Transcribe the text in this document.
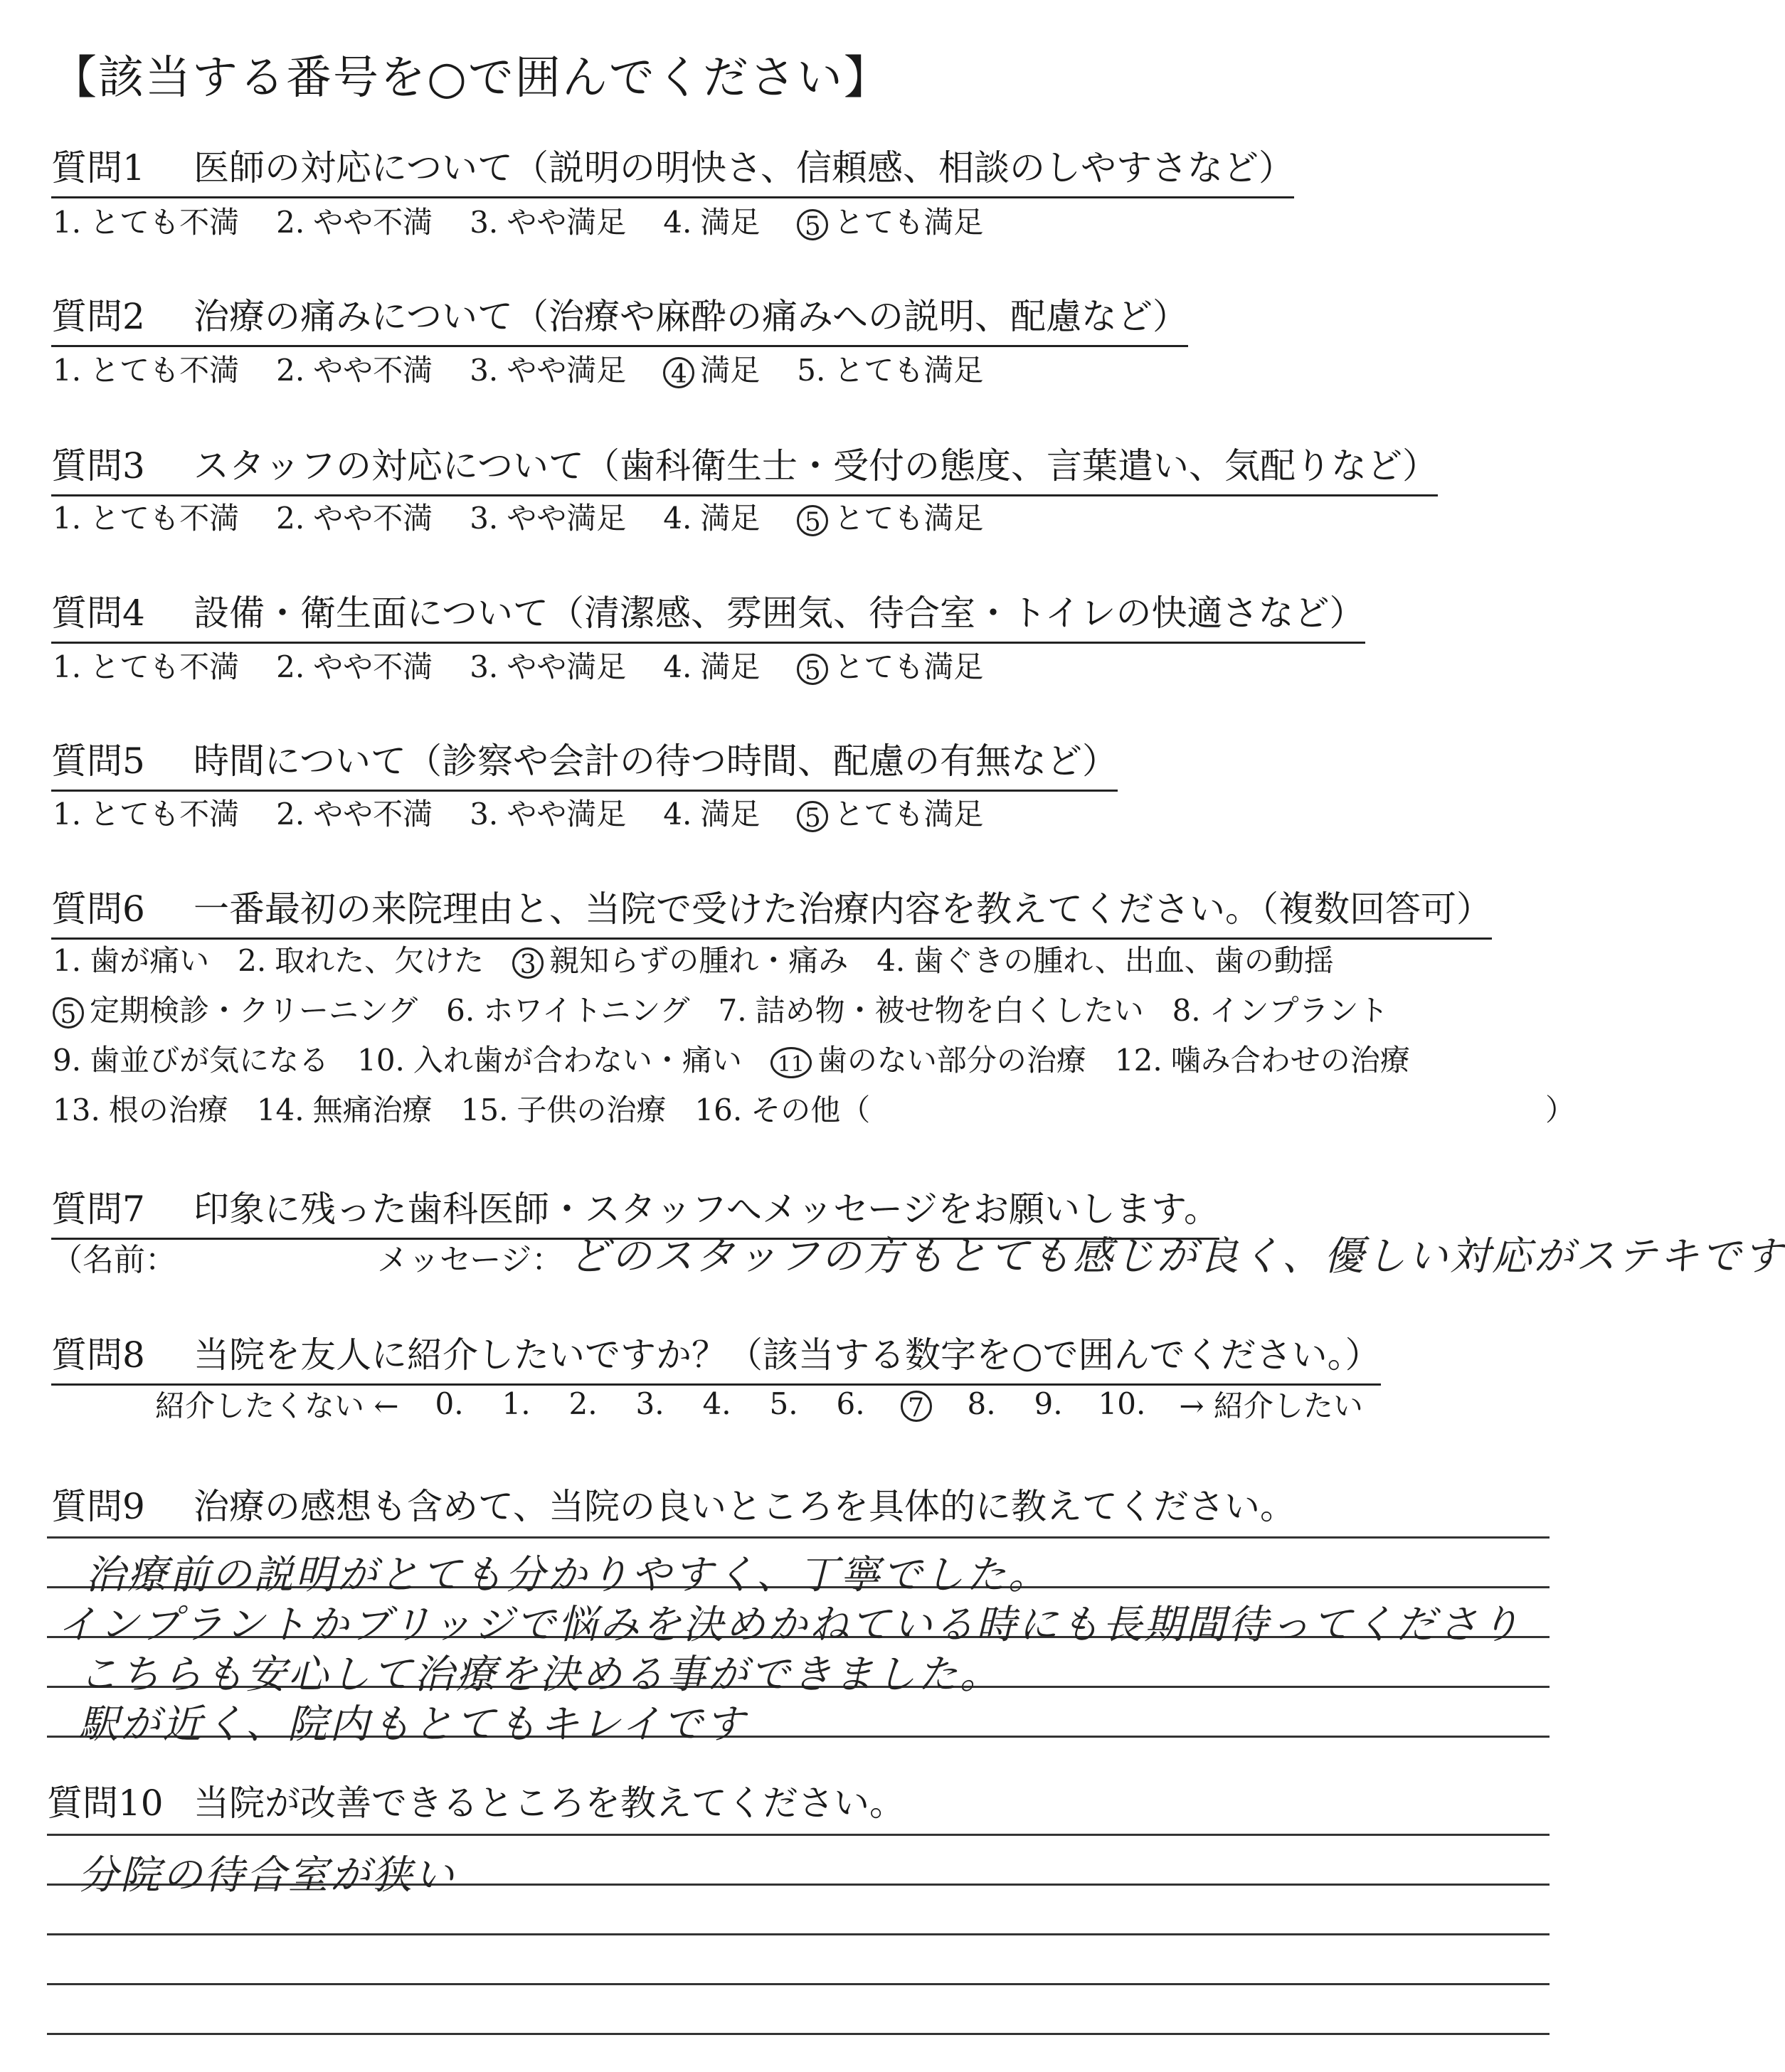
【該当する番号を○で囲んでください】
質問1 医師の対応について（説明の明快さ、信頼感、相談のしやすさなど）
1. とても不満 2. やや不満 3. やや満足 4. 満足 5 とても満足
質問2 治療の痛みについて（治療や麻酔の痛みへの説明、配慮など）
1. とても不満 2. やや不満 3. やや満足 4 満足 5. とても満足
質問3 スタッフの対応について（歯科衛生士・受付の態度、言葉遣い、気配りなど）
1. とても不満 2. やや不満 3. やや満足 4. 満足 5 とても満足
質問4 設備・衛生面について（清潔感、雰囲気、待合室・トイレの快適さなど）
1. とても不満 2. やや不満 3. やや満足 4. 満足 5 とても満足
質問5 時間について（診察や会計の待つ時間、配慮の有無など）
1. とても不満 2. やや不満 3. やや満足 4. 満足 5 とても満足
質問6 一番最初の来院理由と、当院で受けた治療内容を教えてください。（複数回答可）
1. 歯が痛い 2. 取れた、欠けた 3 親知らずの腫れ・痛み 4. 歯ぐきの腫れ、出血、歯の動揺
5 定期検診・クリーニング 6. ホワイトニング 7. 詰め物・被せ物を白くしたい 8. インプラント
9. 歯並びが気になる 10. 入れ歯が合わない・痛い 11 歯のない部分の治療 12. 噛み合わせの治療
13. 根の治療 14. 無痛治療 15. 子供の治療 16. その他（	）
質問7 印象に残った歯科医師・スタッフへメッセージをお願いします。
（名前：	メッセージ： どのスタッフの方もとても感じが良く、優しい対応がステキです
質問8 当院を友人に紹介したいですか？（該当する数字を○で囲んでください。）
紹介したくない ←	0. 1. 2. 3. 4. 5. 6. 7 8. 9. 10.	→ 紹介したい
質問9 治療の感想も含めて、当院の良いところを具体的に教えてください。
治療前の説明がとても分かりやすく、丁寧でした。
インプラントかブリッジで悩みを決めかねている時にも長期間待ってくださり
こちらも安心して治療を決める事ができました。
駅が近く、院内もとてもキレイです
質問10 当院が改善できるところを教えてください。
分院の待合室が狭い
